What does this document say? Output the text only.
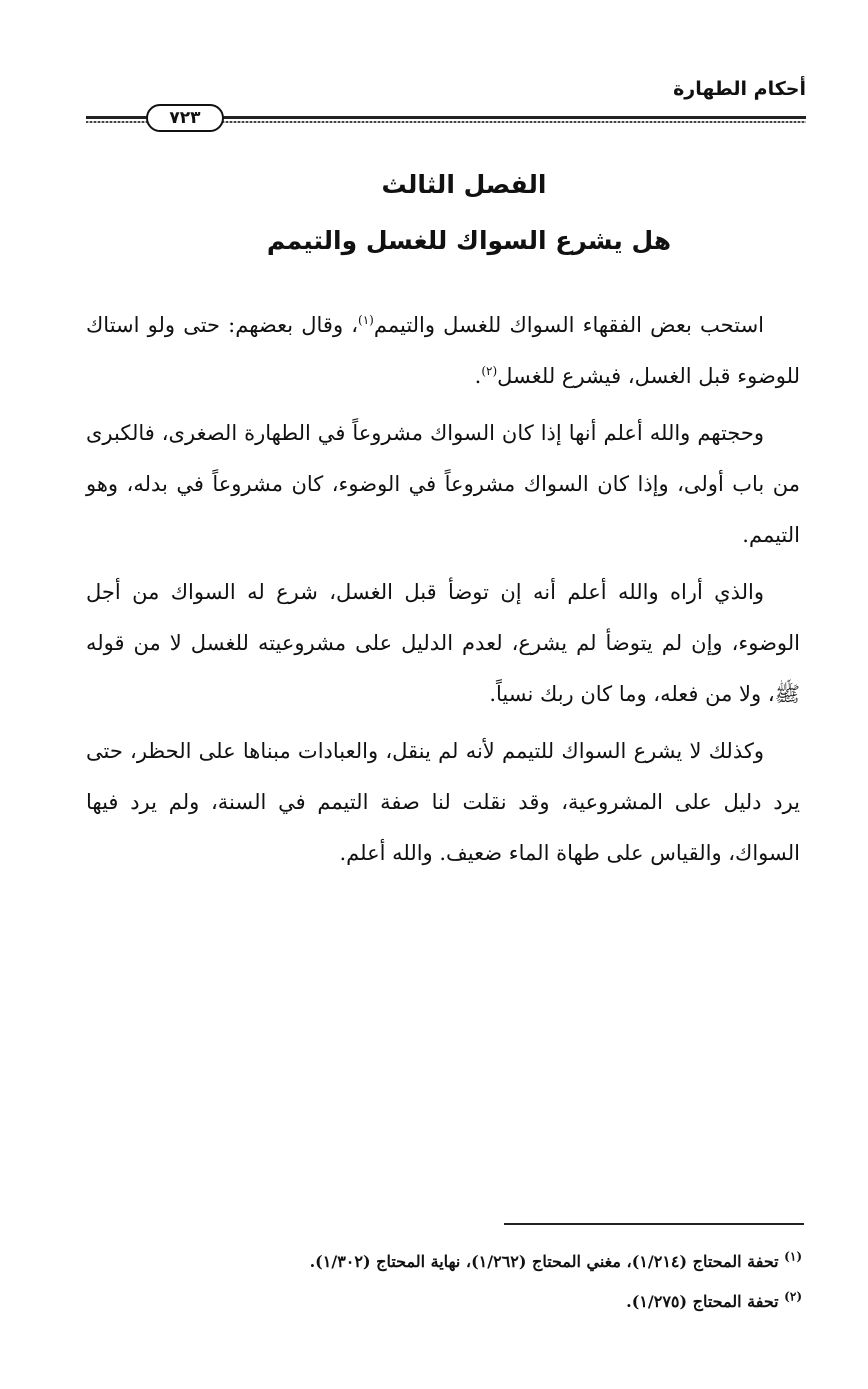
أحكام الطهارة
٧٢٣
الفصل الثالث
هل يشرع السواك للغسل والتيمم

استحب بعض الفقهاء السواك للغسل والتيمم$^{(١)}$، وقال بعضهم: حتى ولو استاك للوضوء قبل الغسل، فيشرع للغسل$^{(٢)}$.

وحجتهم والله أعلم أنها إذا كان السواك مشروعاً في الطهارة الصغرى، فالكبرى من باب أولى، وإذا كان السواك مشروعاً في الوضوء، كان مشروعاً في بدله، وهو التيمم.

والذي أراه والله أعلم أنه إن توضأ قبل الغسل، شرع له السواك من أجل الوضوء، وإن لم يتوضأ لم يشرع، لعدم الدليل على مشروعيته للغسل لا من قوله ﷺ، ولا من فعله، وما كان ربك نسياً.

وكذلك لا يشرع السواك للتيمم لأنه لم ينقل، والعبادات مبناها على الحظر، حتى يرد دليل على المشروعية، وقد نقلت لنا صفة التيمم في السنة، ولم يرد فيها السواك، والقياس على طهاة الماء ضعيف. والله أعلم.

$^{(١)}$ تحفة المحتاج (١/٢١٤)، مغني المحتاج (١/٢٦٢)، نهاية المحتاج (١/٣٠٢).

$^{(٢)}$ تحفة المحتاج (١/٢٧٥).
